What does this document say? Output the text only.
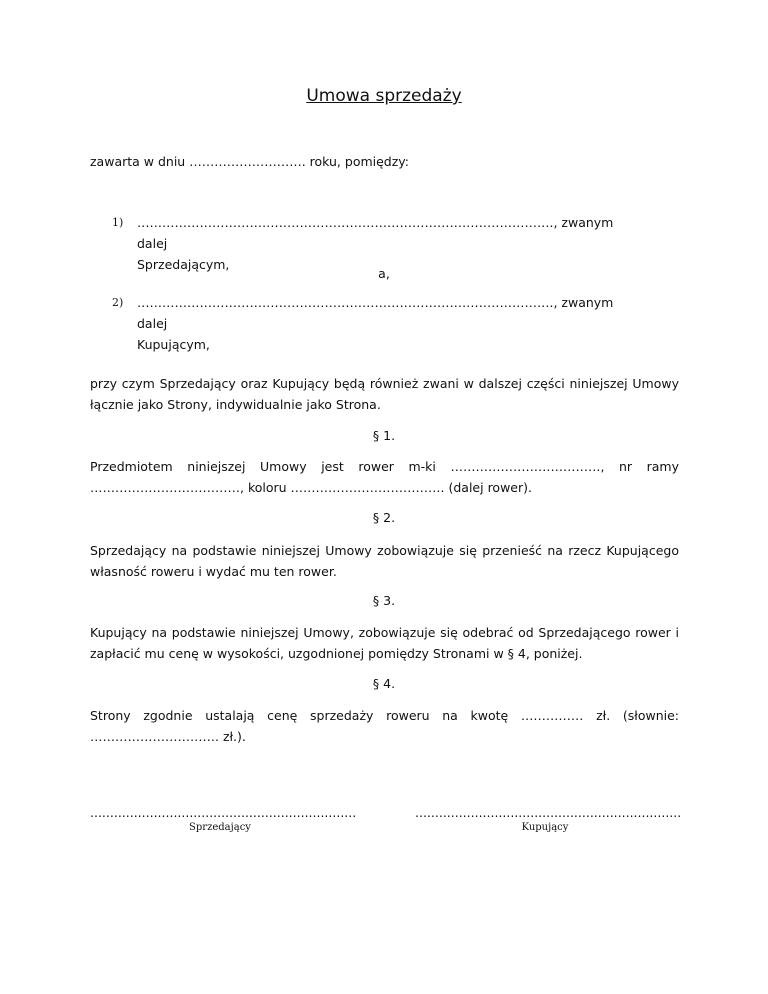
Umowa sprzedaży
zawarta w dniu ………………………. roku, pomiędzy:
1) ………………………………………………………………………………………., zwanym dalej
Sprzedającym,
a,
2) ………………………………………………………………………………………., zwanym dalej
Kupującym,
przy czym Sprzedający oraz Kupujący będą również zwani w dalszej części niniejszej Umowy
łącznie jako Strony, indywidualnie jako Strona.
§ 1.
Przedmiotem niniejszej Umowy jest rower m-ki ………………………………, nr ramy
………………………………, koloru ………………………………. (dalej rower).
§ 2.
Sprzedający na podstawie niniejszej Umowy zobowiązuje się przenieść na rzecz Kupującego
własność roweru i wydać mu ten rower.
§ 3.
Kupujący na podstawie niniejszej Umowy, zobowiązuje się odebrać od Sprzedającego rower i
zapłacić mu cenę w wysokości, uzgodnionej pomiędzy Stronami w § 4, poniżej.
§ 4.
Strony zgodnie ustalają cenę sprzedaży roweru na kwotę …………… zł. (słownie:
…………………………. zł.).
...................................................................	...................................................................
Sprzedający	Kupujący
